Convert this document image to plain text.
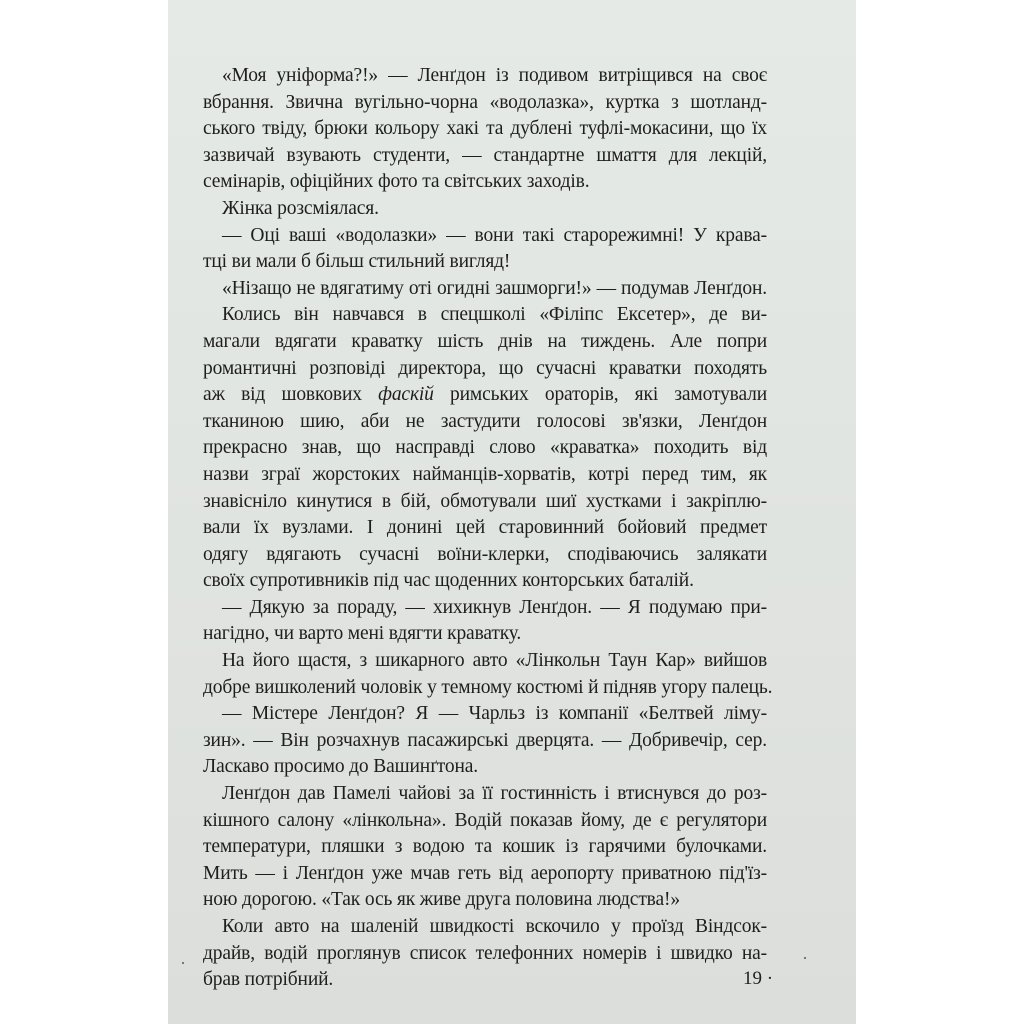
«Моя уніформа?!» — Ленґдон із подивом витріщився на своє
вбрання. Звична вугільно-чорна «водолазка», куртка з шотланд-
ського твіду, брюки кольору хакі та дублені туфлі-мокасини, що їх
зазвичай взувають студенти, — стандартне шмаття для лекцій,
семінарів, офіційних фото та світських заходів.
Жінка розсміялася.
— Оці ваші «водолазки» — вони такі старорежимні! У крава-
тці ви мали б більш стильний вигляд!
«Нізащо не вдягатиму оті огидні зашморги!» — подумав Ленґдон.
Колись він навчався в спецшколі «Філіпс Ексетер», де ви-
магали вдягати краватку шість днів на тиждень. Але попри
романтичні розповіді директора, що сучасні краватки походять
аж від шовкових фаскій римських ораторів, які замотували
тканиною шию, аби не застудити голосові зв'язки, Ленґдон
прекрасно знав, що насправді слово «краватка» походить від
назви зграї жорстоких найманців-хорватів, котрі перед тим, як
знавісніло кинутися в бій, обмотували шиї хустками і закріплю-
вали їх вузлами. І донині цей старовинний бойовий предмет
одягу вдягають сучасні воїни-клерки, сподіваючись залякати
своїх супротивників під час щоденних конторських баталій.
— Дякую за пораду, — хихикнув Ленґдон. — Я подумаю при-
нагідно, чи варто мені вдягти краватку.
На його щастя, з шикарного авто «Лінкольн Таун Кар» вийшов
добре вишколений чоловік у темному костюмі й підняв угору палець.
— Містере Ленґдон? Я — Чарльз із компанії «Белтвей ліму-
зин». — Він розчахнув пасажирські дверцята. — Добривечір, сер.
Ласкаво просимо до Вашинґтона.
Ленґдон дав Памелі чайові за її гостинність і втиснувся до роз-
кішного салону «лінкольна». Водій показав йому, де є регулятори
температури, пляшки з водою та кошик із гарячими булочками.
Мить — і Ленґдон уже мчав геть від аеропорту приватною під'їз-
ною дорогою. «Так ось як живе друга половина людства!»
Коли авто на шаленій швидкості вскочило у проїзд Віндсок-
драйв, водій проглянув список телефонних номерів і швидко на-
брав потрібний.	19 ·
